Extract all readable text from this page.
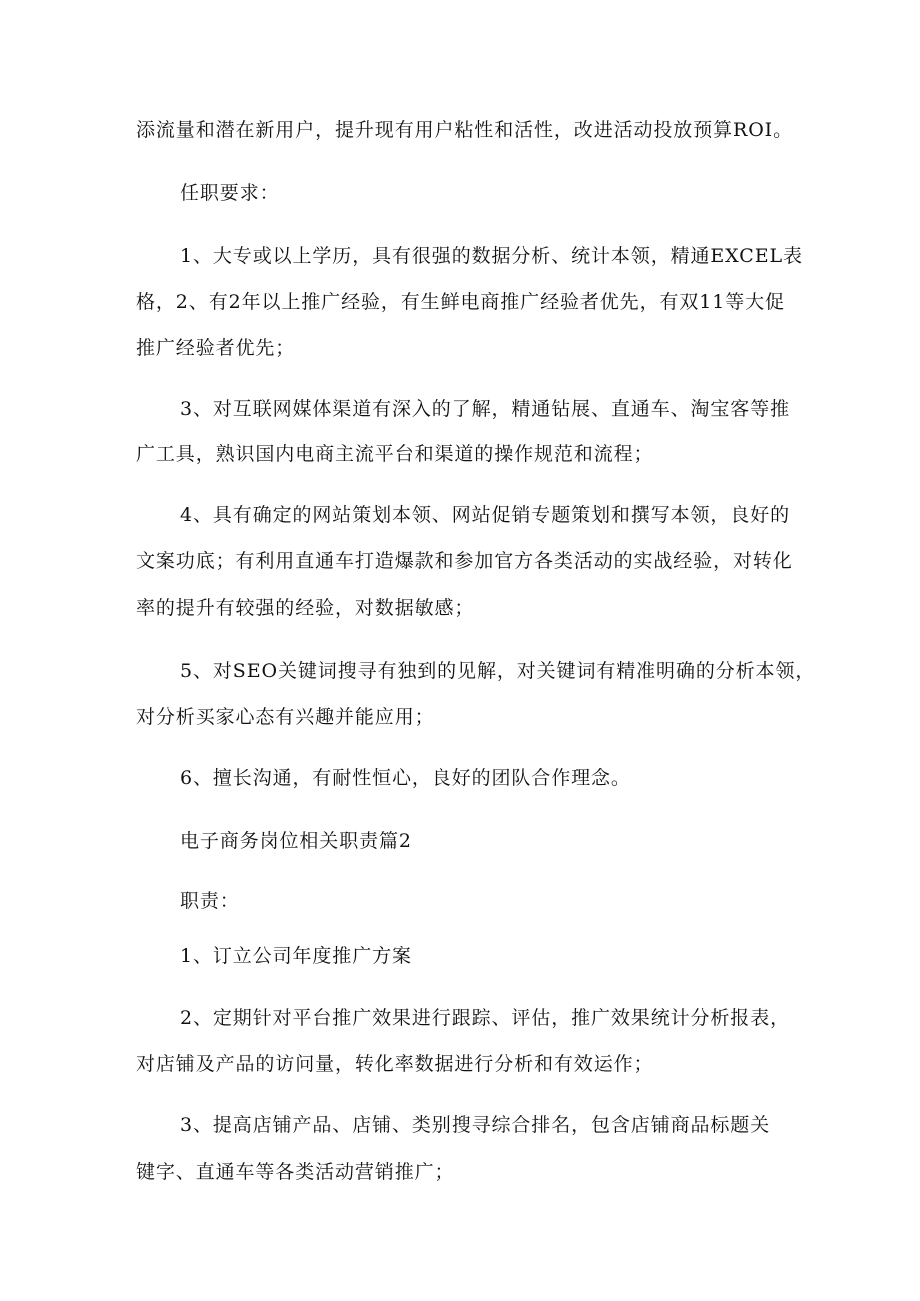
添流量和潜在新用户，提升现有用户粘性和活性，改进活动投放预算ROI。
任职要求：
1、大专或以上学历，具有很强的数据分析、统计本领，精通EXCEL表
格，2、有2年以上推广经验，有生鲜电商推广经验者优先，有双11等大促
推广经验者优先；
3、对互联网媒体渠道有深入的了解，精通钻展、直通车、淘宝客等推
广工具，熟识国内电商主流平台和渠道的操作规范和流程；
4、具有确定的网站策划本领、网站促销专题策划和撰写本领，良好的
文案功底；有利用直通车打造爆款和参加官方各类活动的实战经验，对转化
率的提升有较强的经验，对数据敏感；
5、对SEO关键词搜寻有独到的见解，对关键词有精准明确的分析本领，
对分析买家心态有兴趣并能应用；
6、擅长沟通，有耐性恒心，良好的团队合作理念。
电子商务岗位相关职责篇2
职责：
1、订立公司年度推广方案
2、定期针对平台推广效果进行跟踪、评估，推广效果统计分析报表，
对店铺及产品的访问量，转化率数据进行分析和有效运作；
3、提高店铺产品、店铺、类别搜寻综合排名，包含店铺商品标题关
键字、直通车等各类活动营销推广；
